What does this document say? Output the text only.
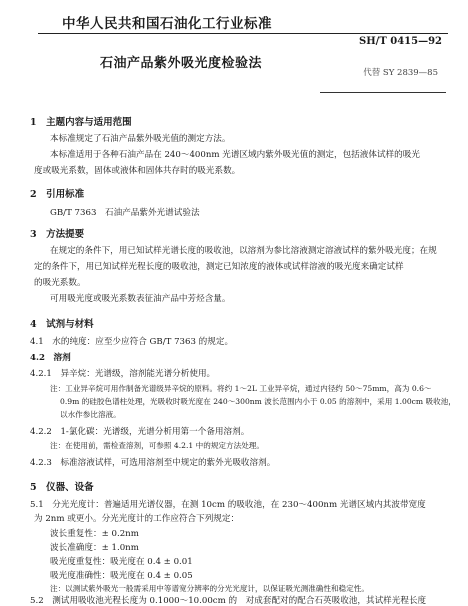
中华人民共和国石油化工行业标准
SH/T 0415—92
石油产品紫外吸光度检验法
代替 SY 2839—85
1　主题内容与适用范围
本标准规定了石油产品紫外吸光值的测定方法。
本标准适用于各种石油产品在 240～400nm 光谱区域内紫外吸光值的测定，包括液体试样的吸光
度或吸光系数，固体或液体和固体共存时的吸光系数。
2　引用标准
GB/T 7363　石油产品紫外光谱试验法
3　方法提要
在规定的条件下，用已知试样光谱长度的吸收池，以溶剂为参比溶液测定溶液试样的紫外吸光度；在规
定的条件下，用已知试样光程长度的吸收池，测定已知浓度的液体或试样溶液的吸光度来确定试样
的吸光系数。
可用吸光度或吸光系数表征油产品中芳烃含量。
4　试剂与材料
4.1　水的纯度：应至少应符合 GB/T 7363 的规定。
4.2　溶剂
4.2.1　异辛烷：光谱级，溶剂能光谱分析使用。
注：工业异辛烷可用作制备光谱级异辛烷的原料。将约 1～2L 工业异辛烷，通过内径约 50～75mm，高为 0.6～
0.9m 的硅胶色谱柱处理，光吸收时吸光度在 240～300nm 波长范围内小于 0.05 的溶剂中，采用 1.00cm 吸收池，
以水作参比溶液。
4.2.2　1-氯化碳：光谱级，光谱分析用第一个备用溶剂。
注：在使用前，需检查溶剂，可参照 4.2.1 中的规定方法处理。
4.2.3　标准溶液试样，可选用溶剂至中规定的紫外光吸收溶剂。
5　仪器、设备
5.1　分光光度计：普遍适用光谱仪器，在测 10cm 的吸收池，在 230～400nm 光谱区域内其波带宽度
为 2nm 或更小。分光光度计的工作应符合下列规定：
波长重复性：± 0.2nm
波长准确度：± 1.0nm
吸光度重复性：吸光度在 0.4 ± 0.01
吸光度准确性：吸光度在 0.4 ± 0.05
注：以测试紫外吸光一般需采用中等谱宽分辨率的分光光度计，以保证吸光测准确性和稳定性。
5.2　测试用吸收池光程长度为 0.1000～10.00cm 的　对成套配对的配合石英吸收池，其试样光程长度
